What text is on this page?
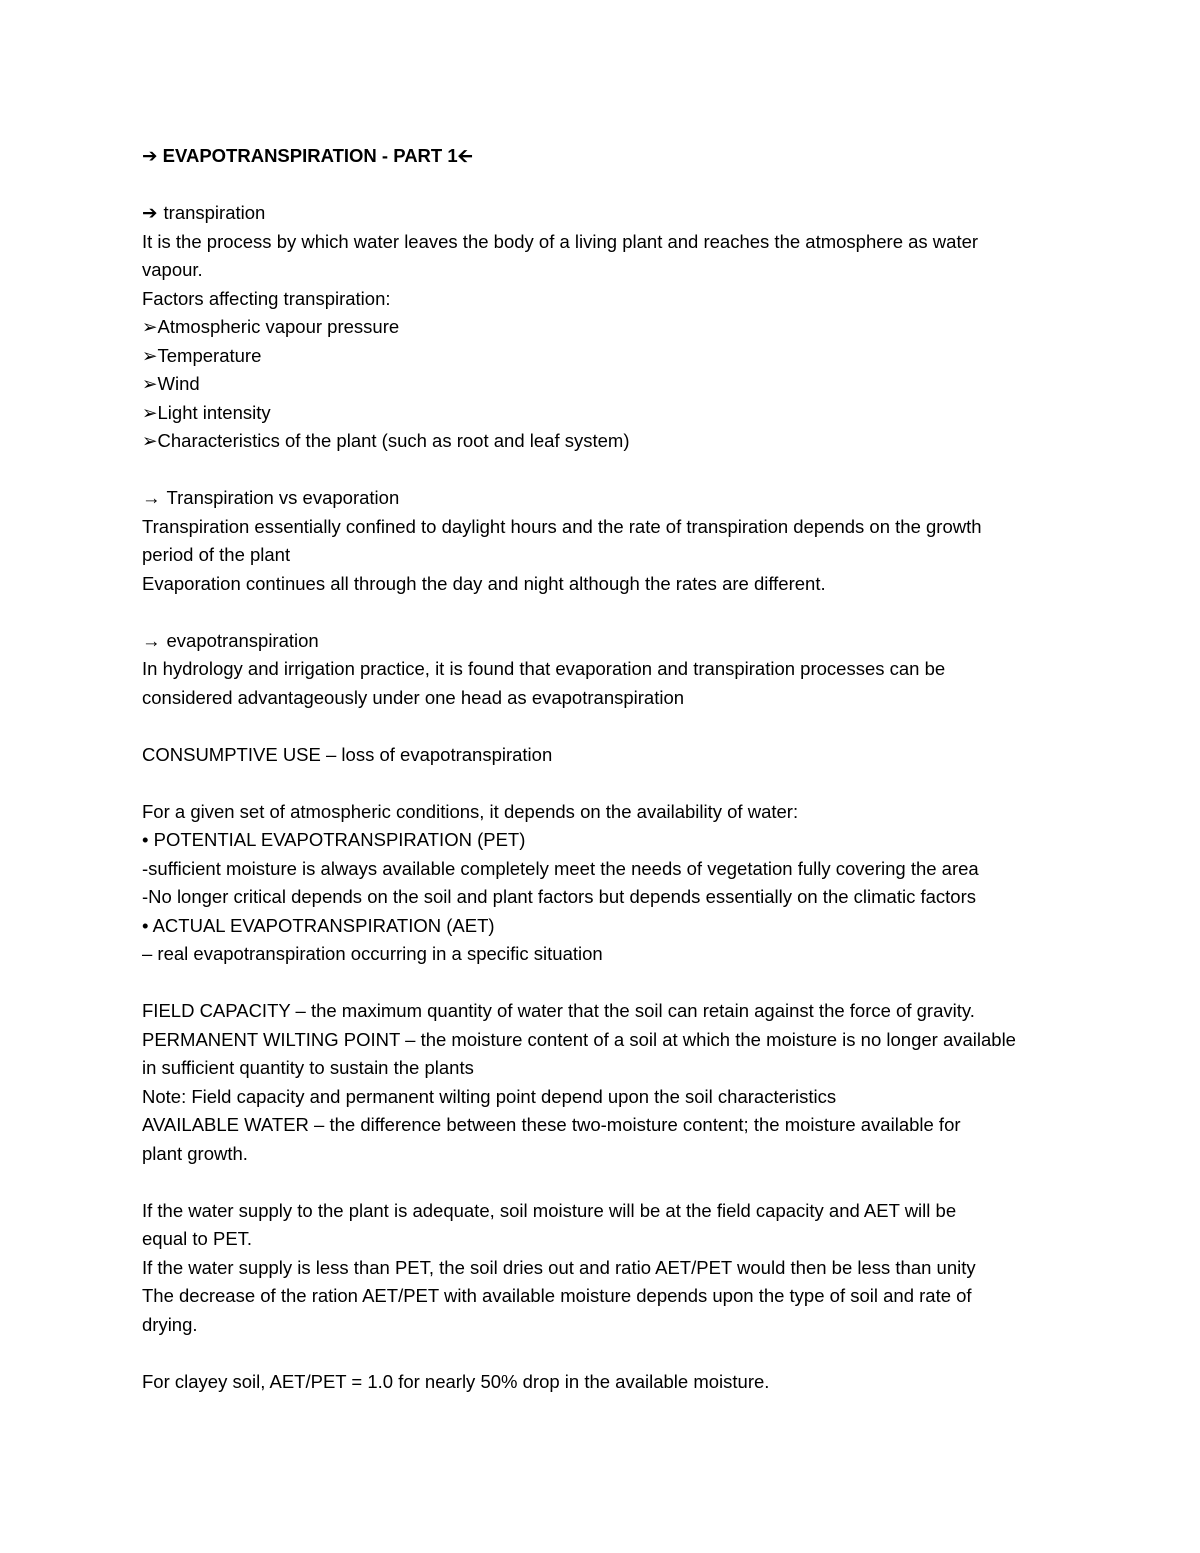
➔ EVAPOTRANSPIRATION - PART 1🡨
➔ transpiration
It is the process by which water leaves the body of a living plant and reaches the atmosphere as water
vapour.
Factors affecting transpiration:
➢Atmospheric vapour pressure
➢Temperature
➢Wind
➢Light intensity
➢Characteristics of the plant (such as root and leaf system)
→ Transpiration vs evaporation
Transpiration essentially confined to daylight hours and the rate of transpiration depends on the growth
period of the plant
Evaporation continues all through the day and night although the rates are different.
→ evapotranspiration
In hydrology and irrigation practice, it is found that evaporation and transpiration processes can be
considered advantageously under one head as evapotranspiration
CONSUMPTIVE USE – loss of evapotranspiration
For a given set of atmospheric conditions, it depends on the availability of water:
• POTENTIAL EVAPOTRANSPIRATION (PET)
-sufficient moisture is always available completely meet the needs of vegetation fully covering the area
-No longer critical depends on the soil and plant factors but depends essentially on the climatic factors
• ACTUAL EVAPOTRANSPIRATION (AET)
– real evapotranspiration occurring in a specific situation
FIELD CAPACITY – the maximum quantity of water that the soil can retain against the force of gravity.
PERMANENT WILTING POINT – the moisture content of a soil at which the moisture is no longer available
in sufficient quantity to sustain the plants
Note: Field capacity and permanent wilting point depend upon the soil characteristics
AVAILABLE WATER – the difference between these two-moisture content; the moisture available for
plant growth.
If the water supply to the plant is adequate, soil moisture will be at the field capacity and AET will be
equal to PET.
If the water supply is less than PET, the soil dries out and ratio AET/PET would then be less than unity
The decrease of the ration AET/PET with available moisture depends upon the type of soil and rate of
drying.
For clayey soil, AET/PET = 1.0 for nearly 50% drop in the available moisture.
